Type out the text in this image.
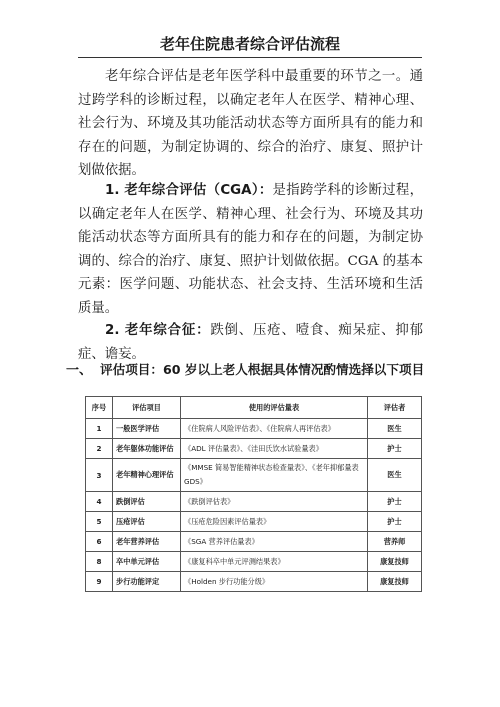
老年住院患者综合评估流程

老年综合评估是老年医学科中最重要的环节之一。通过跨学科的诊断过程，以确定老年人在医学、精神心理、社会行为、环境及其功能活动状态等方面所具有的能力和存在的问题，为制定协调的、综合的治疗、康复、照护计划做依据。

1. 老年综合评估（CGA）：是指跨学科的诊断过程，以确定老年人在医学、精神心理、社会行为、环境及其功能活动状态等方面所具有的能力和存在的问题，为制定协调的、综合的治疗、康复、照护计划做依据。CGA 的基本元素：医学问题、功能状态、社会支持、生活环境和生活质量。

2. 老年综合征：跌倒、压疮、噎食、痴呆症、抑郁症、谵妄。

一、 评估项目：60 岁以上老人根据具体情况酌情选择以下项目
序号	评估项目	使用的评估量表	评估者
1	一般医学评估	《住院病人风险评估表》、《住院病人再评估表》	医生
2	老年躯体功能评估	《ADL 评估量表》、《洼田氏饮水试验量表》	护士
3	老年精神心理评估	《MMSE 简易智能精神状态检查量表》、《老年抑郁量表 GDS》	医生
4	跌倒评估	《跌倒评估表》	护士
5	压疮评估	《压疮危险因素评估量表》	护士
6	老年营养评估	《SGA 营养评估量表》	营养师
8	卒中单元评估	《康复科卒中单元评测结果表》	康复技师
9	步行功能评定	《Holden 步行功能分级》	康复技师
